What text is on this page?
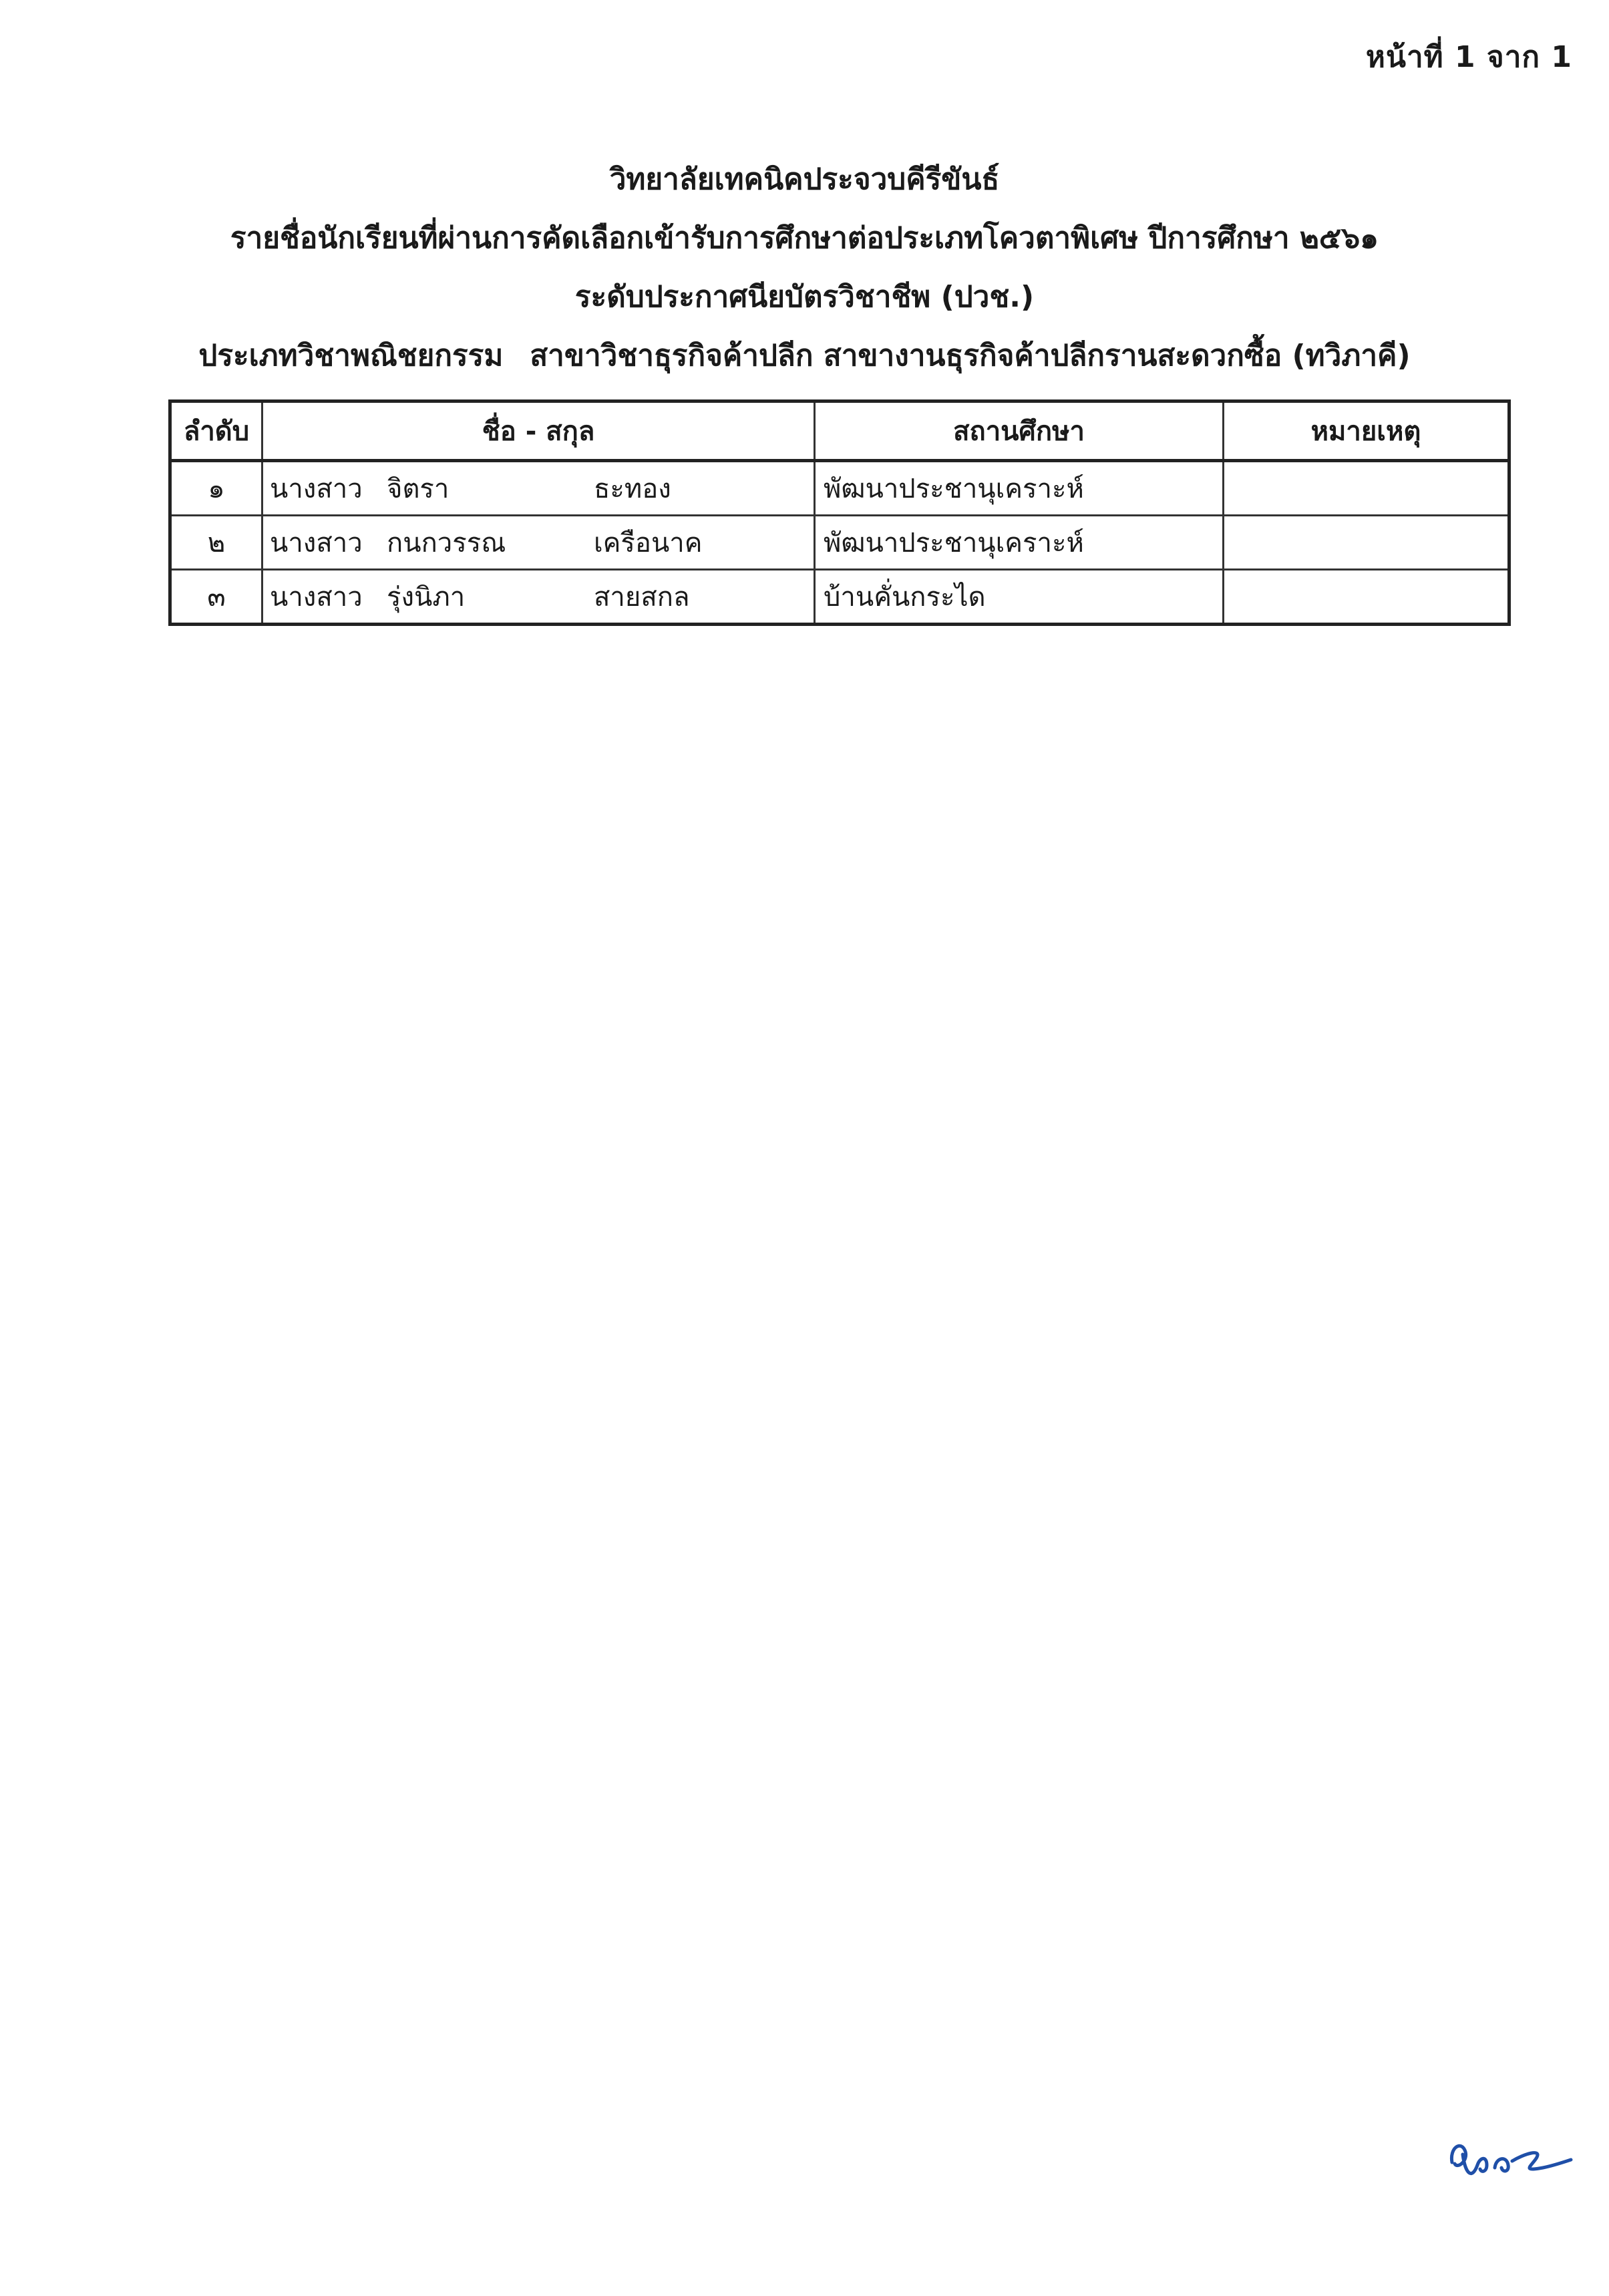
หน้าที่ 1 จาก 1
วิทยาลัยเทคนิคประจวบคีรีขันธ์
รายชื่อนักเรียนที่ผ่านการคัดเลือกเข้ารับการศึกษาต่อประเภทโควตาพิเศษ ปีการศึกษา ๒๕๖๑
ระดับประกาศนียบัตรวิชาชีพ (ปวช.)
ประเภทวิชาพณิชยกรรม สาขาวิชาธุรกิจค้าปลีก สาขางานธุรกิจค้าปลีกรานสะดวกซื้อ (ทวิภาคี)
ลำดับ	ชื่อ - สกุล	สถานศึกษา	หมายเหตุ
๑	นางสาว จิตรา ธะทอง	พัฒนาประชานุเคราะห์	
๒	นางสาว กนกวรรณ เครือนาค	พัฒนาประชานุเคราะห์	
๓	นางสาว รุ่งนิภา สายสกล	บ้านคั่นกระได	
